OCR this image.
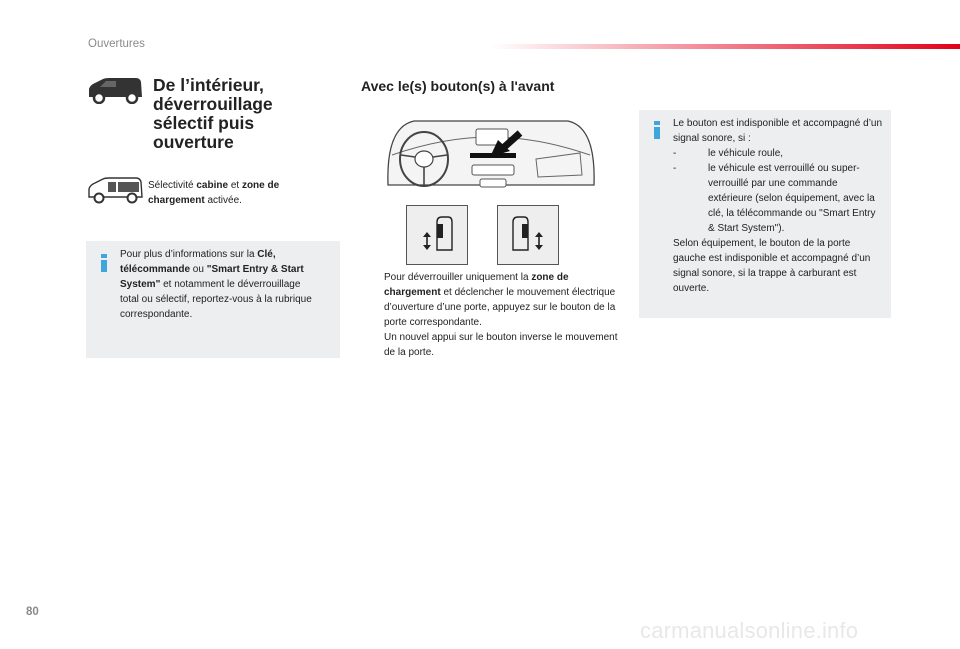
Ouvertures
De l’intérieur,
déverrouillage
sélectif puis
ouverture
Sélectivité cabine et zone de chargement activée.
Pour plus d’informations sur la Clé, télécommande ou "Smart Entry & Start System" et notamment le déverrouillage total ou sélectif, reportez-vous à la rubrique correspondante.
Avec le(s) bouton(s) à l'avant

Pour déverrouiller uniquement la zone de chargement et déclencher le mouvement électrique d’ouverture d’une porte, appuyez sur le bouton de la porte correspondante.

Un nouvel appui sur le bouton inverse le mouvement de la porte.

Le bouton est indisponible et accompagné d’un signal sonore, si :
- le véhicule roule,
- le véhicule est verrouillé ou super-verrouillé par une commande extérieure (selon équipement, avec la clé, la télécommande ou "Smart Entry & Start System").
Selon équipement, le bouton de la porte gauche est indisponible et accompagné d’un signal sonore, si la trappe à carburant est ouverte.
80
carmanualsonline.info
